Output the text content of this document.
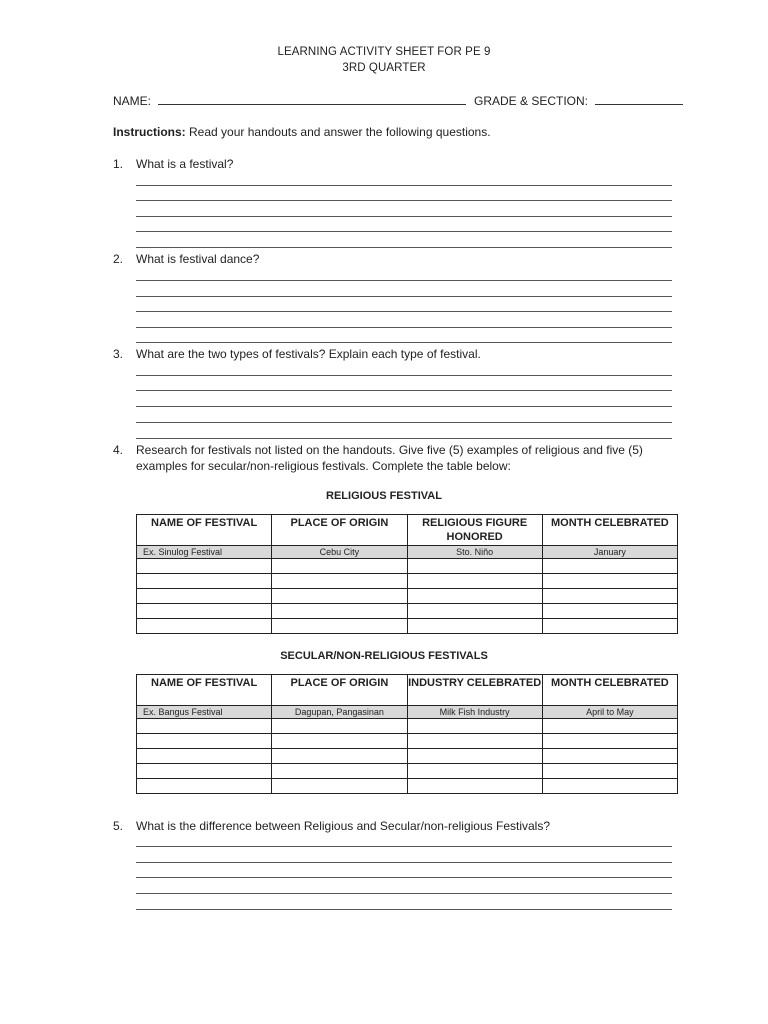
LEARNING ACTIVITY SHEET FOR PE 9
3RD QUARTER
NAME:	GRADE & SECTION:
Instructions: Read your handouts and answer the following questions.
1. What is a festival?
2. What is festival dance?
3. What are the two types of festivals? Explain each type of festival.
4. Research for festivals not listed on the handouts. Give five (5) examples of religious and five (5)
examples for secular/non-religious festivals. Complete the table below:
RELIGIOUS FESTIVAL
NAME OF FESTIVAL	PLACE OF ORIGIN	RELIGIOUS FIGURE HONORED	MONTH CELEBRATED
Ex. Sinulog Festival	Cebu City	Sto. Niño	January

SECULAR/NON-RELIGIOUS FESTIVALS
NAME OF FESTIVAL	PLACE OF ORIGIN	INDUSTRY CELEBRATED	MONTH CELEBRATED
Ex. Bangus Festival	Dagupan, Pangasinan	Milk Fish Industry	April to May

5. What is the difference between Religious and Secular/non-religious Festivals?
